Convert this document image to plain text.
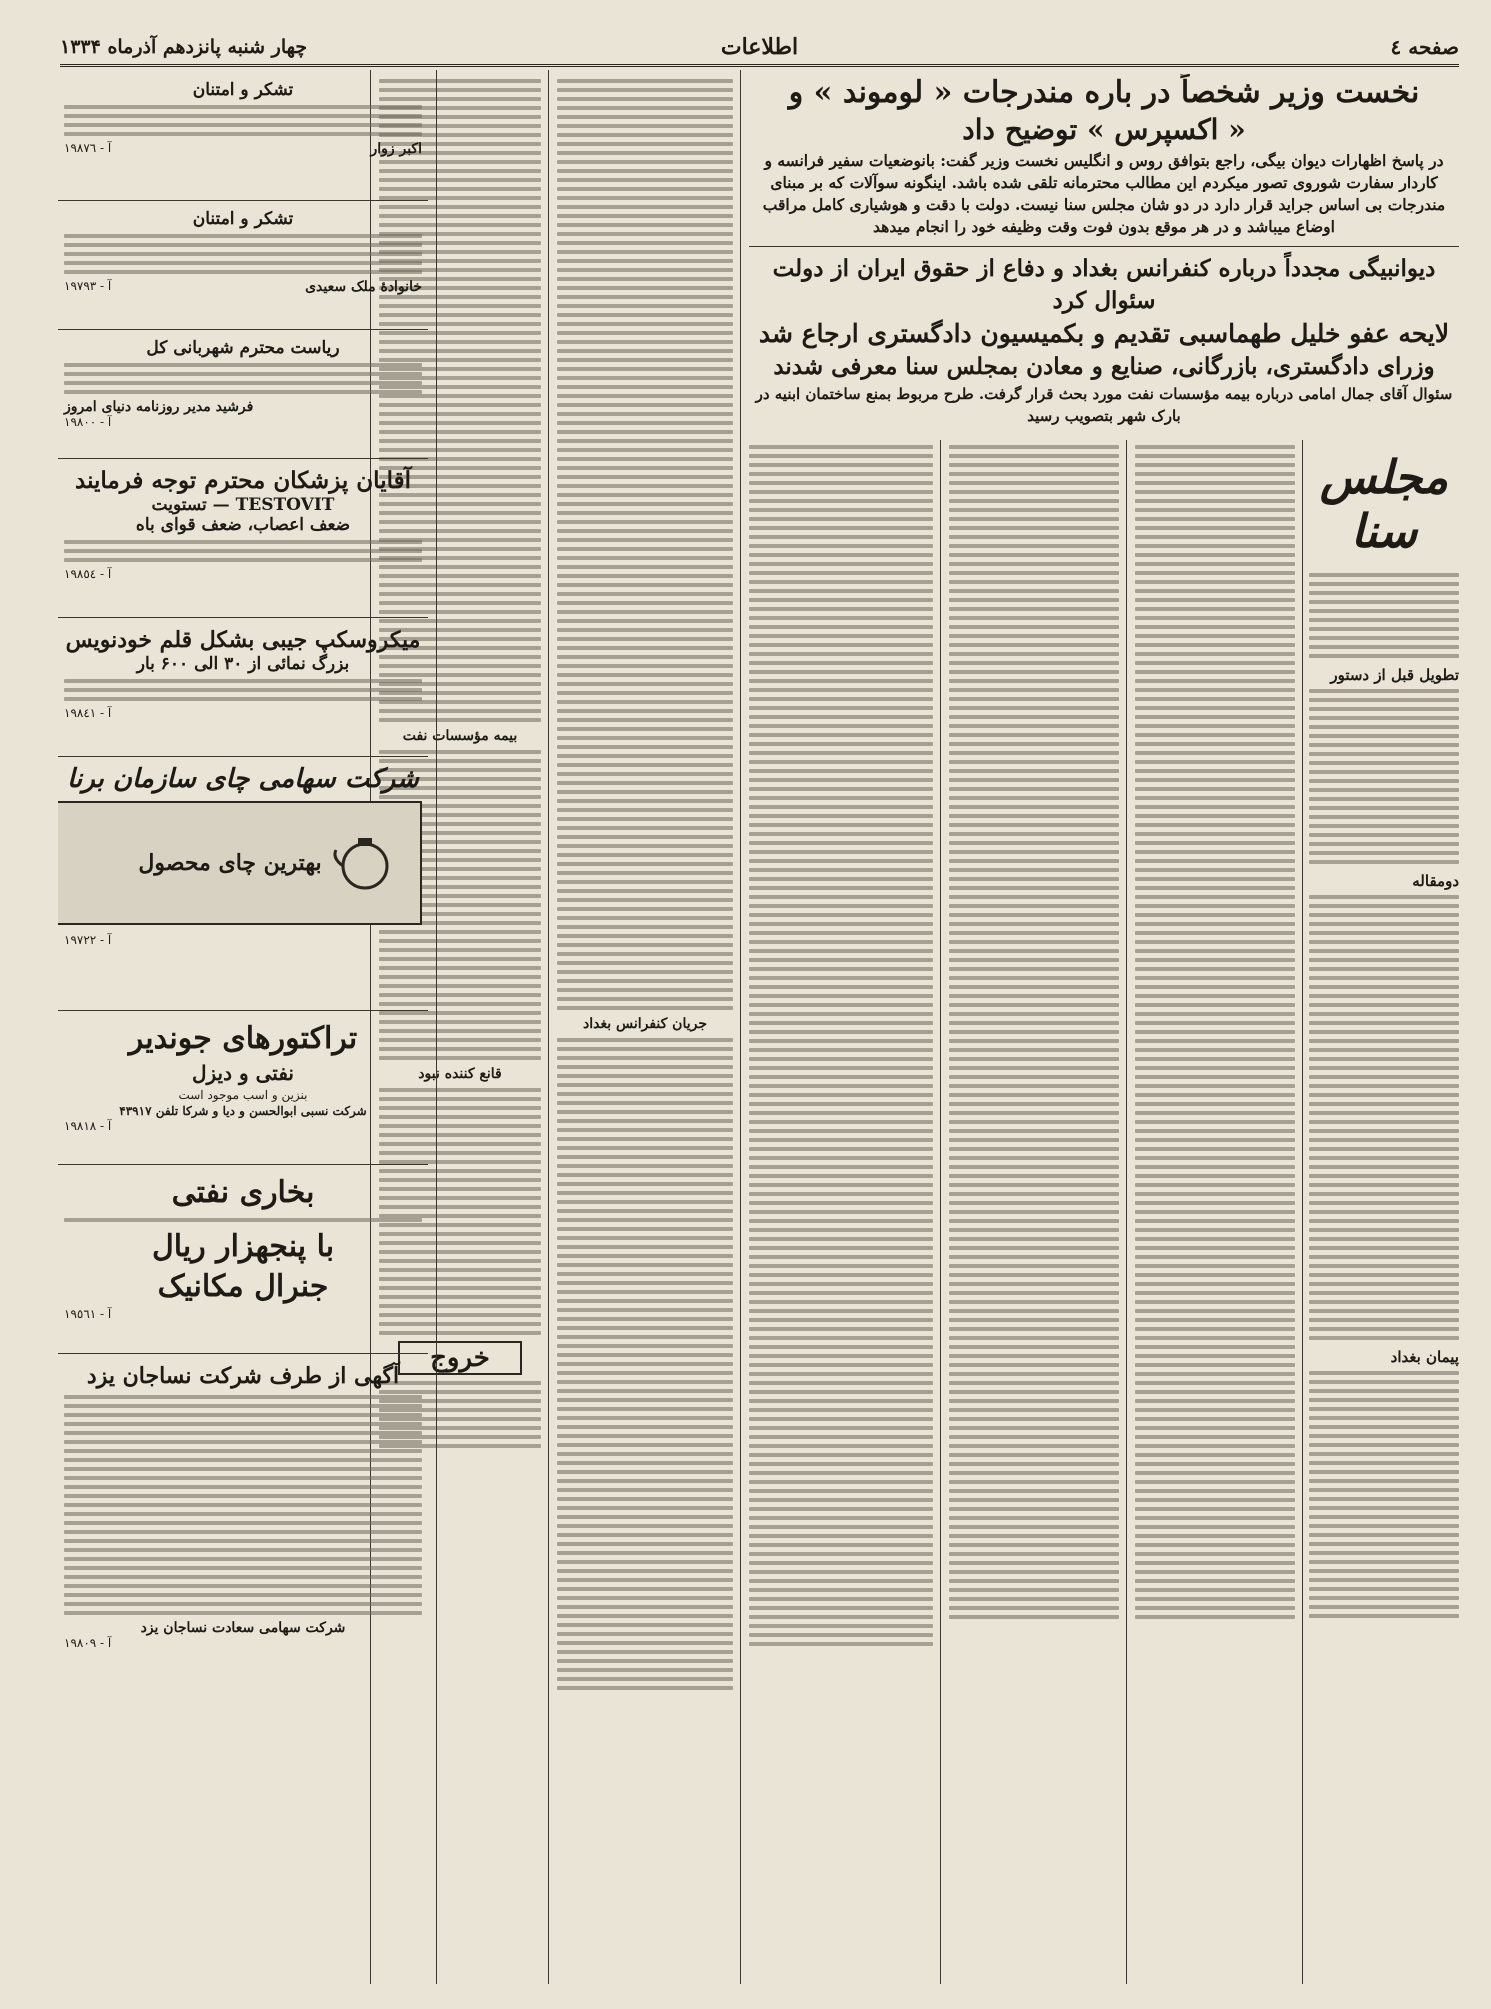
صفحه ٤
اطلاعات
چهار شنبه پانزدهم آذرماه ۱۳۳۴
نخست وزیر شخصاً در باره مندرجات « لوموند » و
« اکسپرس » توضیح داد
در پاسخ اظهارات دیوان بیگی، راجع بتوافق روس و انگلیس نخست وزیر گفت: بانوضعیات سفیر فرانسه و کاردار سفارت شوروی تصور میکردم این مطالب محترمانه تلقی شده باشد. اینگونه سوآلات که بر مبنای مندرجات بی اساس جراید قرار دارد در دو شان مجلس سنا نیست. دولت با دقت و هوشیاری کامل مراقب اوضاع میباشد و در هر موقع بدون فوت وقت وظیفه خود را انجام میدهد
دیوانبیگی مجدداً درباره کنفرانس بغداد و دفاع از حقوق ایران از دولت سئوال کرد
لایحه عفو خلیل طهماسبی تقدیم و بکمیسیون دادگستری ارجاع شد
وزرای دادگستری، بازرگانی، صنایع و معادن بمجلس سنا معرفی شدند
سئوال آقای جمال امامی درباره بیمه مؤسسات نفت مورد بحث قرار گرفت. طرح مربوط بمنع ساختمان ابنیه در بارک شهر بتصویب رسید
مجلس سنا
تطویل قبل از دستور
دومقاله
پیمان بغداد
جریان کنفرانس بغداد
بیمه مؤسسات نفت
قانع کننده نبود
خروج
تشکر و امتنان
اکبر زوار
آ - ١٩٨٧٦
تشکر و امتنان
خانوادهٔ ملک سعیدی
آ - ١٩٧٩٣
ریاست محترم شهربانی کل
فرشید مدیر روزنامه دنیای امروز
آ - ١٩٨٠٠
آقایان پزشکان محترم توجه فرمایند
TESTOVIT — تستویت
ضعف اعصاب، ضعف قوای باه
آ - ١٩٨٥٤
میکروسکپ جیبی بشکل قلم خودنویس
بزرگ نمائی از ۳۰ الی ۶۰۰ بار
آ - ١٩٨٤١
شرکت سهامی چای سازمان برنا
بهترین چای محصول
آ - ١٩٧٢٢
تراکتورهای جوندیر
نفتی و دیزل
بنزین و اسب موجود است
شرکت نسبی ابوالحسن و دیا و شرکا تلفن ۴۳۹۱۷
آ - ١٩٨١٨
بخاری نفتی
با پنجهزار ریال
جنرال مکانیک
آ - ١٩٥٦١
آگهی از طرف شرکت نساجان یزد
شرکت سهامی سعادت نساجان یزد
آ - ١٩٨٠٩
